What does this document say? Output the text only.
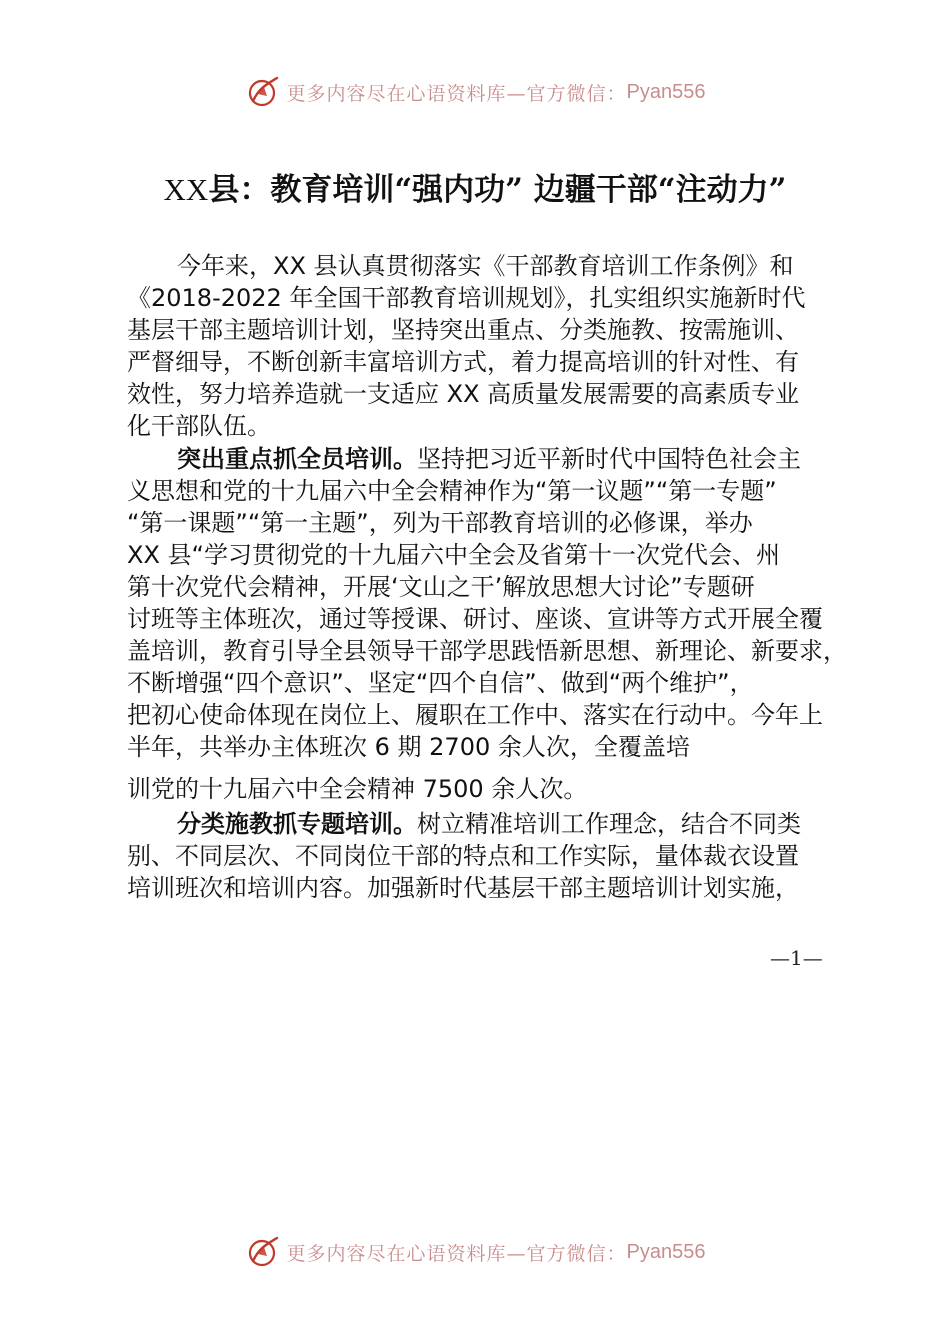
更多内容尽在心语资料库—官方微信： Pyan556
XX县：教育培训“强内功” 边疆干部“注动力”
今年来，XX 县认真贯彻落实《干部教育培训工作条例》和
《2018-2022 年全国干部教育培训规划》，扎实组织实施新时代
基层干部主题培训计划，坚持突出重点、分类施教、按需施训、
严督细导，不断创新丰富培训方式，着力提高培训的针对性、有
效性，努力培养造就一支适应 XX 高质量发展需要的高素质专业
化干部队伍。
突出重点抓全员培训。坚持把习近平新时代中国特色社会主
义思想和党的十九届六中全会精神作为“第一议题”“第一专题”
“第一课题”“第一主题”，列为干部教育培训的必修课，举办
XX 县“学习贯彻党的十九届六中全会及省第十一次党代会、州
第十次党代会精神，开展‘文山之干’解放思想大讨论”专题研
讨班等主体班次，通过等授课、研讨、座谈、宣讲等方式开展全覆
盖培训，教育引导全县领导干部学思践悟新思想、新理论、新要求，
不断增强“四个意识”、坚定“四个自信”、做到“两个维护”，
把初心使命体现在岗位上、履职在工作中、落实在行动中。今年上
半年，共举办主体班次 6 期 2700 余人次，全覆盖培
训党的十九届六中全会精神 7500 余人次。
分类施教抓专题培训。树立精准培训工作理念，结合不同类
别、不同层次、不同岗位干部的特点和工作实际，量体裁衣设置
培训班次和培训内容。加强新时代基层干部主题培训计划实施，
—1—
更多内容尽在心语资料库—官方微信： Pyan556
